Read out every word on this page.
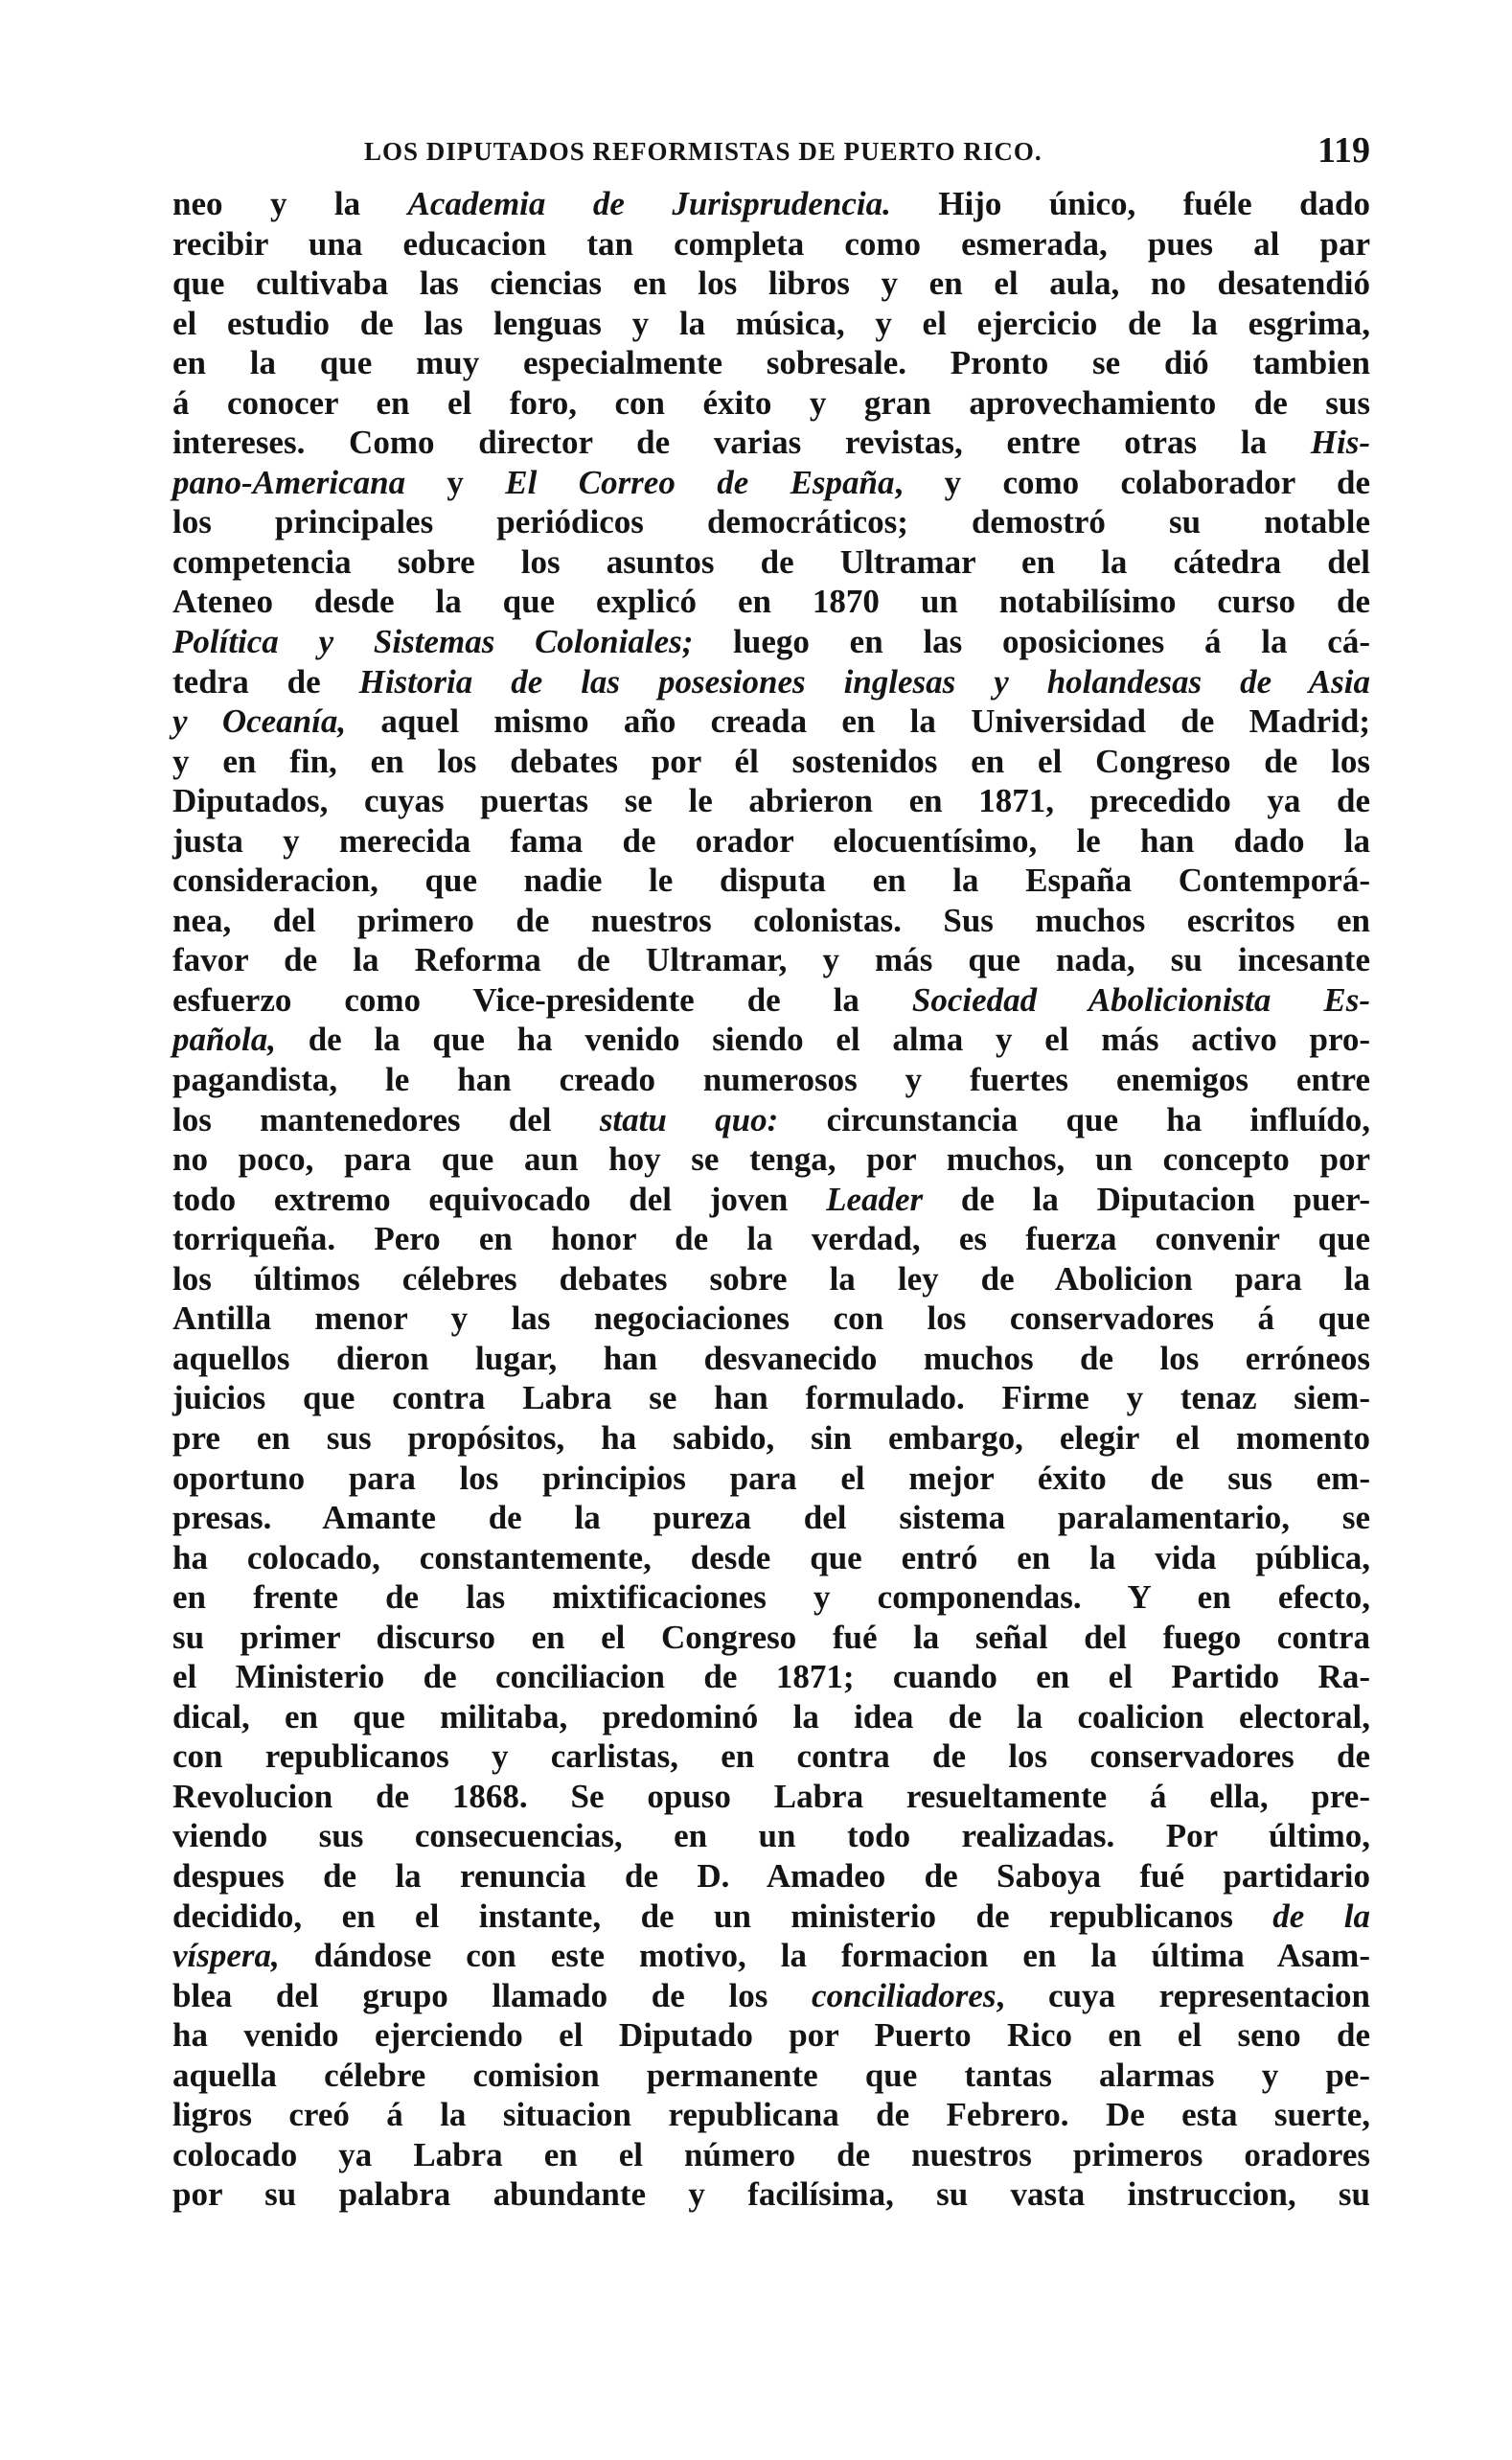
LOS DIPUTADOS REFORMISTAS DE PUERTO RICO.	119
neo y la Academia de Jurisprudencia. Hijo único, fuéle dado
recibir una educacion tan completa como esmerada, pues al par
que cultivaba las ciencias en los libros y en el aula, no desatendió
el estudio de las lenguas y la música, y el ejercicio de la esgrima,
en la que muy especialmente sobresale. Pronto se dió tambien
á conocer en el foro, con éxito y gran aprovechamiento de sus
intereses. Como director de varias revistas, entre otras la His-
pano-Americana y El Correo de España, y como colaborador de
los principales periódicos democráticos; demostró su notable
competencia sobre los asuntos de Ultramar en la cátedra del
Ateneo desde la que explicó en 1870 un notabilísimo curso de
Política y Sistemas Coloniales; luego en las oposiciones á la cá-
tedra de Historia de las posesiones inglesas y holandesas de Asia
y Oceanía, aquel mismo año creada en la Universidad de Madrid;
y en fin, en los debates por él sostenidos en el Congreso de los
Diputados, cuyas puertas se le abrieron en 1871, precedido ya de
justa y merecida fama de orador elocuentísimo, le han dado la
consideracion, que nadie le disputa en la España Contemporá-
nea, del primero de nuestros colonistas. Sus muchos escritos en
favor de la Reforma de Ultramar, y más que nada, su incesante
esfuerzo como Vice-presidente de la Sociedad Abolicionista Es-
pañola, de la que ha venido siendo el alma y el más activo pro-
pagandista, le han creado numerosos y fuertes enemigos entre
los mantenedores del statu quo: circunstancia que ha influído,
no poco, para que aun hoy se tenga, por muchos, un concepto por
todo extremo equivocado del joven Leader de la Diputacion puer-
torriqueña. Pero en honor de la verdad, es fuerza convenir que
los últimos célebres debates sobre la ley de Abolicion para la
Antilla menor y las negociaciones con los conservadores á que
aquellos dieron lugar, han desvanecido muchos de los erróneos
juicios que contra Labra se han formulado. Firme y tenaz siem-
pre en sus propósitos, ha sabido, sin embargo, elegir el momento
oportuno para los principios para el mejor éxito de sus em-
presas. Amante de la pureza del sistema paralamentario, se
ha colocado, constantemente, desde que entró en la vida pública,
en frente de las mixtificaciones y componendas. Y en efecto,
su primer discurso en el Congreso fué la señal del fuego contra
el Ministerio de conciliacion de 1871; cuando en el Partido Ra-
dical, en que militaba, predominó la idea de la coalicion electoral,
con republicanos y carlistas, en contra de los conservadores de
Revolucion de 1868. Se opuso Labra resueltamente á ella, pre-
viendo sus consecuencias, en un todo realizadas. Por último,
despues de la renuncia de D. Amadeo de Saboya fué partidario
decidido, en el instante, de un ministerio de republicanos de la
víspera, dándose con este motivo, la formacion en la última Asam-
blea del grupo llamado de los conciliadores, cuya representacion
ha venido ejerciendo el Diputado por Puerto Rico en el seno de
aquella célebre comision permanente que tantas alarmas y pe-
ligros creó á la situacion republicana de Febrero. De esta suerte,
colocado ya Labra en el número de nuestros primeros oradores
por su palabra abundante y facilísima, su vasta instruccion, su
